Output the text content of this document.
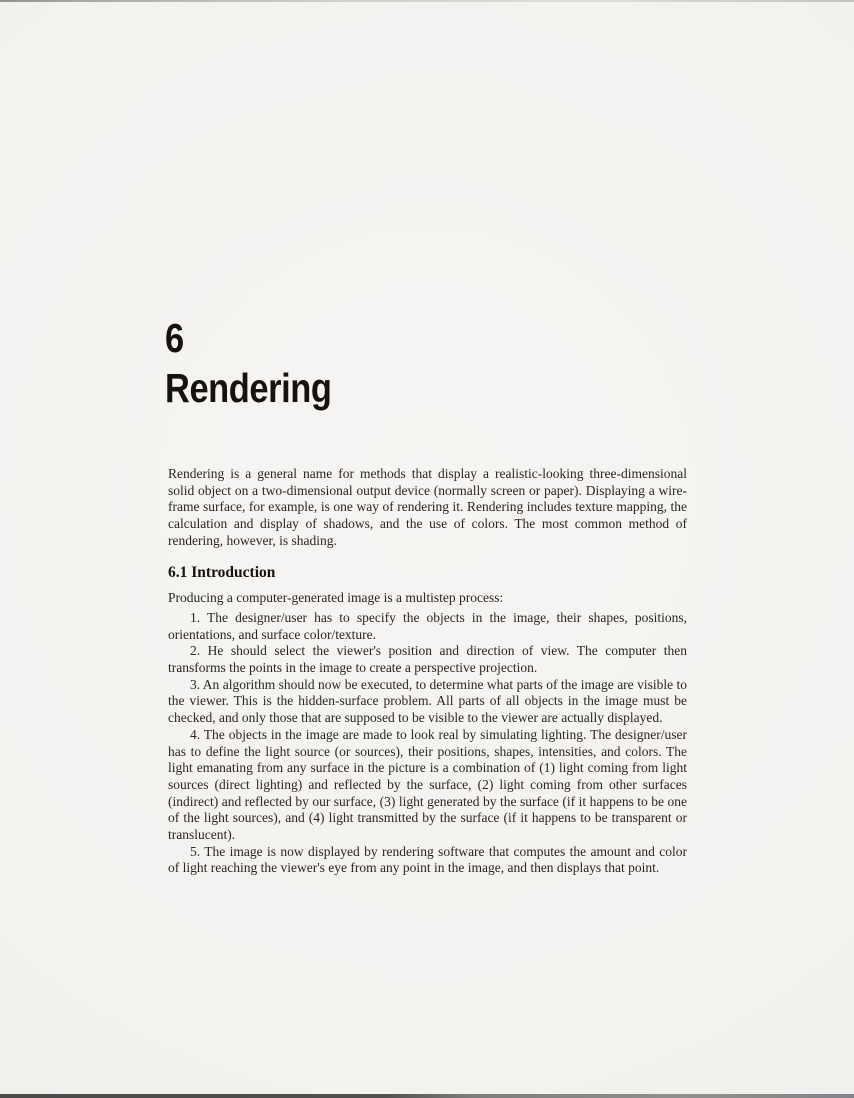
6
Rendering

Rendering is a general name for methods that display a realistic-looking three-dimensional solid object on a two-dimensional output device (normally screen or paper). Displaying a wire-frame surface, for example, is one way of rendering it. Rendering includes texture mapping, the calculation and display of shadows, and the use of colors. The most common method of rendering, however, is shading.

6.1 Introduction

Producing a computer-generated image is a multistep process:

1. The designer/user has to specify the objects in the image, their shapes, positions, orientations, and surface color/texture.

2. He should select the viewer's position and direction of view. The computer then transforms the points in the image to create a perspective projection.

3. An algorithm should now be executed, to determine what parts of the image are visible to the viewer. This is the hidden-surface problem. All parts of all objects in the image must be checked, and only those that are supposed to be visible to the viewer are actually displayed.

4. The objects in the image are made to look real by simulating lighting. The designer/user has to define the light source (or sources), their positions, shapes, intensities, and colors. The light emanating from any surface in the picture is a combination of (1) light coming from light sources (direct lighting) and reflected by the surface, (2) light coming from other surfaces (indirect) and reflected by our surface, (3) light generated by the surface (if it happens to be one of the light sources), and (4) light transmitted by the surface (if it happens to be transparent or translucent).

5. The image is now displayed by rendering software that computes the amount and color of light reaching the viewer's eye from any point in the image, and then displays that point.
